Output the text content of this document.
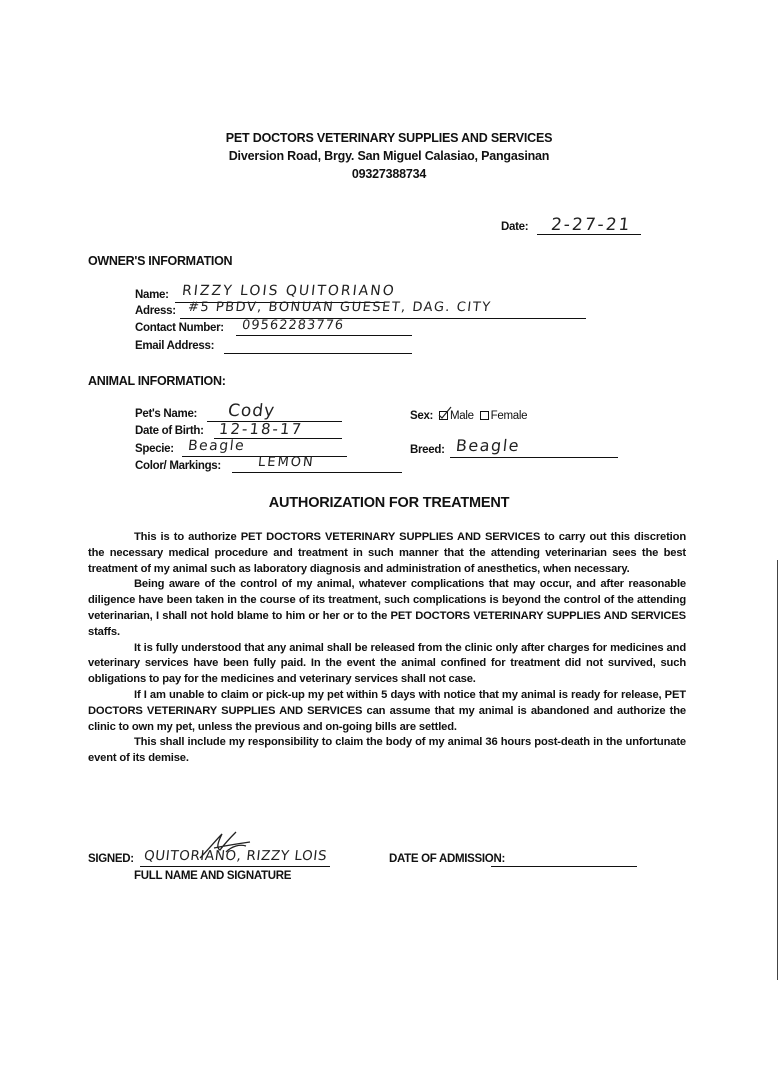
PET DOCTORS VETERINARY SUPPLIES AND SERVICES
Diversion Road, Brgy. San Miguel Calasiao, Pangasinan
09327388734
Date: 2-27-21
OWNER'S INFORMATION
Name: RIZZY LOIS QUITORIANO
Adress: #5 PBDV, BONUAN GUESET, DAG. CITY
Contact Number: 09562283776
Email Address:
ANIMAL INFORMATION:
Pet's Name: Cody
Date of Birth: 12-18-17
Specie: Beagle
Color/ Markings:	LEMON
Sex: Male Female
Breed: Beagle
AUTHORIZATION FOR TREATMENT

This is to authorize PET DOCTORS VETERINARY SUPPLIES AND SERVICES to carry out this discretion the necessary medical procedure and treatment in such manner that the attending veterinarian sees the best treatment of my animal such as laboratory diagnosis and administration of anesthetics, when necessary.

Being aware of the control of my animal, whatever complications that may occur, and after reasonable diligence have been taken in the course of its treatment, such complications is beyond the control of the attending veterinarian, I shall not hold blame to him or her or to the PET DOCTORS VETERINARY SUPPLIES AND SERVICES staffs.

It is fully understood that any animal shall be released from the clinic only after charges for medicines and veterinary services have been fully paid. In the event the animal confined for treatment did not survived, such obligations to pay for the medicines and veterinary services shall not case.

If I am unable to claim or pick-up my pet within 5 days with notice that my animal is ready for release, PET DOCTORS VETERINARY SUPPLIES AND SERVICES can assume that my animal is abandoned and authorize the clinic to own my pet, unless the previous and on-going bills are settled.

This shall include my responsibility to claim the body of my animal 36 hours post-death in the unfortunate event of its demise.

SIGNED: QUITORIANO, RIZZY LOIS
FULL NAME AND SIGNATURE
DATE OF ADMISSION:
